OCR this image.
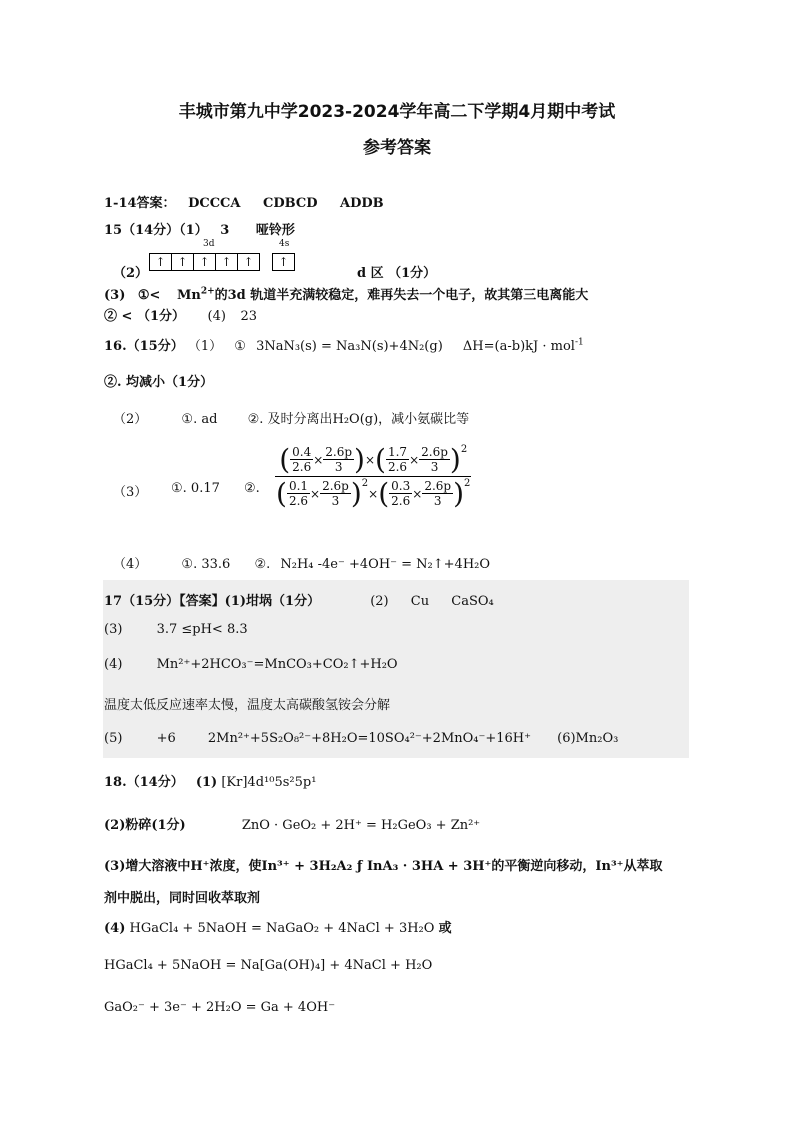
丰城市第九中学2023-2024学年高二下学期4月期中考试
参考答案
1-14答案： DCCCA CDBCD ADDB
15（14分）（1） 3 哑铃形
3d	4s
（2）
↑ ↑ ↑ ↑ ↑	↑
d 区 （1分）
(3) ①< $Mn^{2+}$的3d 轨道半充满较稳定，难再失去一个电子，故其第三电离能大
② < （1分） (4) 23
16.（15分） （1） ① 3NaN₃(s) = Na₃N(s)+4N₂(g) ΔH=(a-b)kJ · mol$^{-1}$
②. 均减小（1分）
（2）	①. ad ②. 及时分离出H₂O(g)，减小氨碳比等
（3） ①. 0.17 ②.
( $\frac{0.4}{2.6} \times \frac{2.6p}{3}$ ) × ( $\frac{1.7}{2.6} \times \frac{2.6p}{3} )^2$
( $\frac{0.1}{2.6} \times \frac{2.6p}{3} )^2$
× ( $\frac{0.3}{2.6} \times \frac{2.6p}{3} )^2$
（4）	①. 33.6 ②. N₂H₄ -4e⁻ +4OH⁻ = N₂↑+4H₂O
17（15分）【答案】(1)坩埚（1分）	(2) Cu CaSO₄
(3)	3.7 ≤pH< 8.3
(4)	Mn²⁺+2HCO₃⁻=MnCO₃+CO₂↑+H₂O
温度太低反应速率太慢，温度太高碳酸氢铵会分解
(5)	+6 2Mn²⁺+5S₂O₈²⁻+8H₂O=10SO₄²⁻+2MnO₄⁻+16H⁺ (6)Mn₂O₃
18.（14分） (1) [Kr]4d¹⁰5s²5p¹
(2)粉碎(1分)	ZnO · GeO₂ + 2H⁺ = H₂GeO₃ + Zn²⁺
(3)增大溶液中H⁺浓度，使In³⁺ + 3H₂A₂ ƒ InA₃ · 3HA + 3H⁺的平衡逆向移动，In³⁺从萃取
剂中脱出，同时回收萃取剂
(4) HGaCl₄ + 5NaOH = NaGaO₂ + 4NaCl + 3H₂O 或
HGaCl₄ + 5NaOH = Na[Ga(OH)₄] + 4NaCl + H₂O
GaO₂⁻ + 3e⁻ + 2H₂O = Ga + 4OH⁻
